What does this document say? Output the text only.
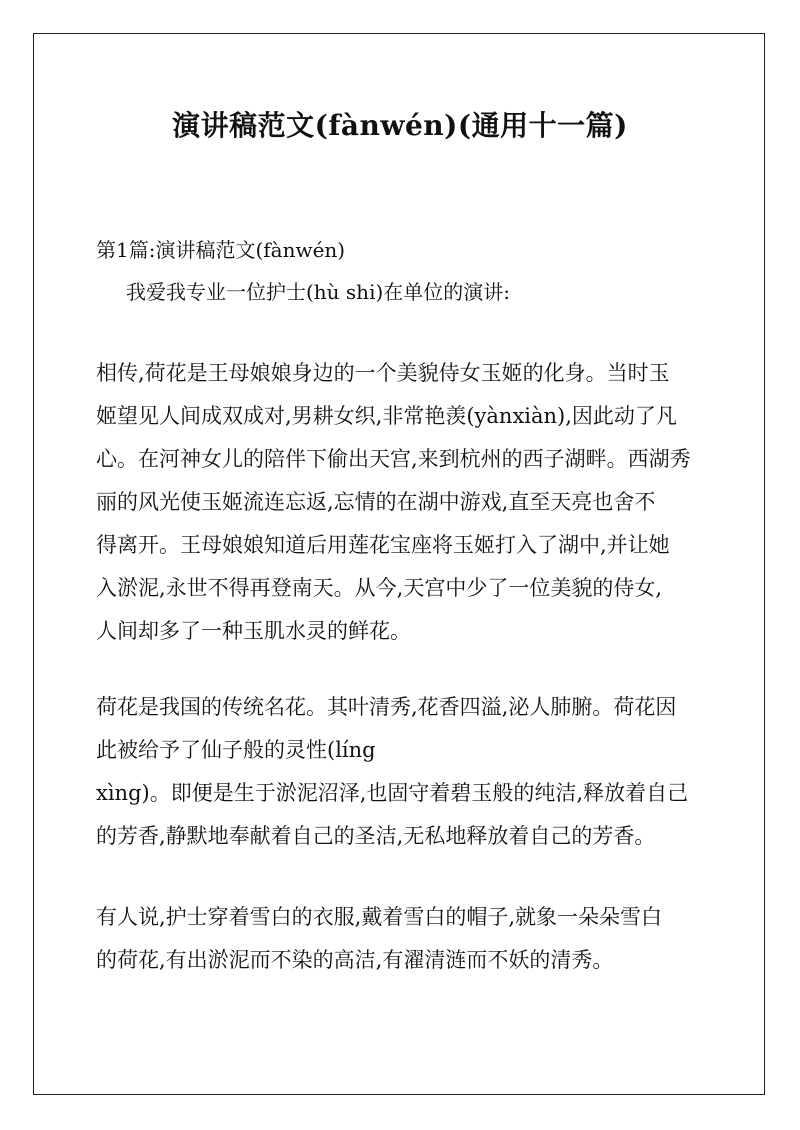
演讲稿范文(fànwén)(通用十一篇)
第1篇:演讲稿范文(fànwén)
我爱我专业一位护士(hù shi)在单位的演讲:
相传,荷花是王母娘娘身边的一个美貌侍女玉姬的化身。当时玉
姬望见人间成双成对,男耕女织,非常艳羡(yànxiàn),因此动了凡
心。在河神女儿的陪伴下偷出天宫,来到杭州的西子湖畔。西湖秀
丽的风光使玉姬流连忘返,忘情的在湖中游戏,直至天亮也舍不
得离开。王母娘娘知道后用莲花宝座将玉姬打入了湖中,并让她
入淤泥,永世不得再登南天。从今,天宫中少了一位美貌的侍女,
人间却多了一种玉肌水灵的鲜花。
荷花是我国的传统名花。其叶清秀,花香四溢,泌人肺腑。荷花因
此被给予了仙子般的灵性(líng
xìng)。即便是生于淤泥沼泽,也固守着碧玉般的纯洁,释放着自己
的芳香,静默地奉献着自己的圣洁,无私地释放着自己的芳香。
有人说,护士穿着雪白的衣服,戴着雪白的帽子,就象一朵朵雪白
的荷花,有出淤泥而不染的高洁,有濯清涟而不妖的清秀。
